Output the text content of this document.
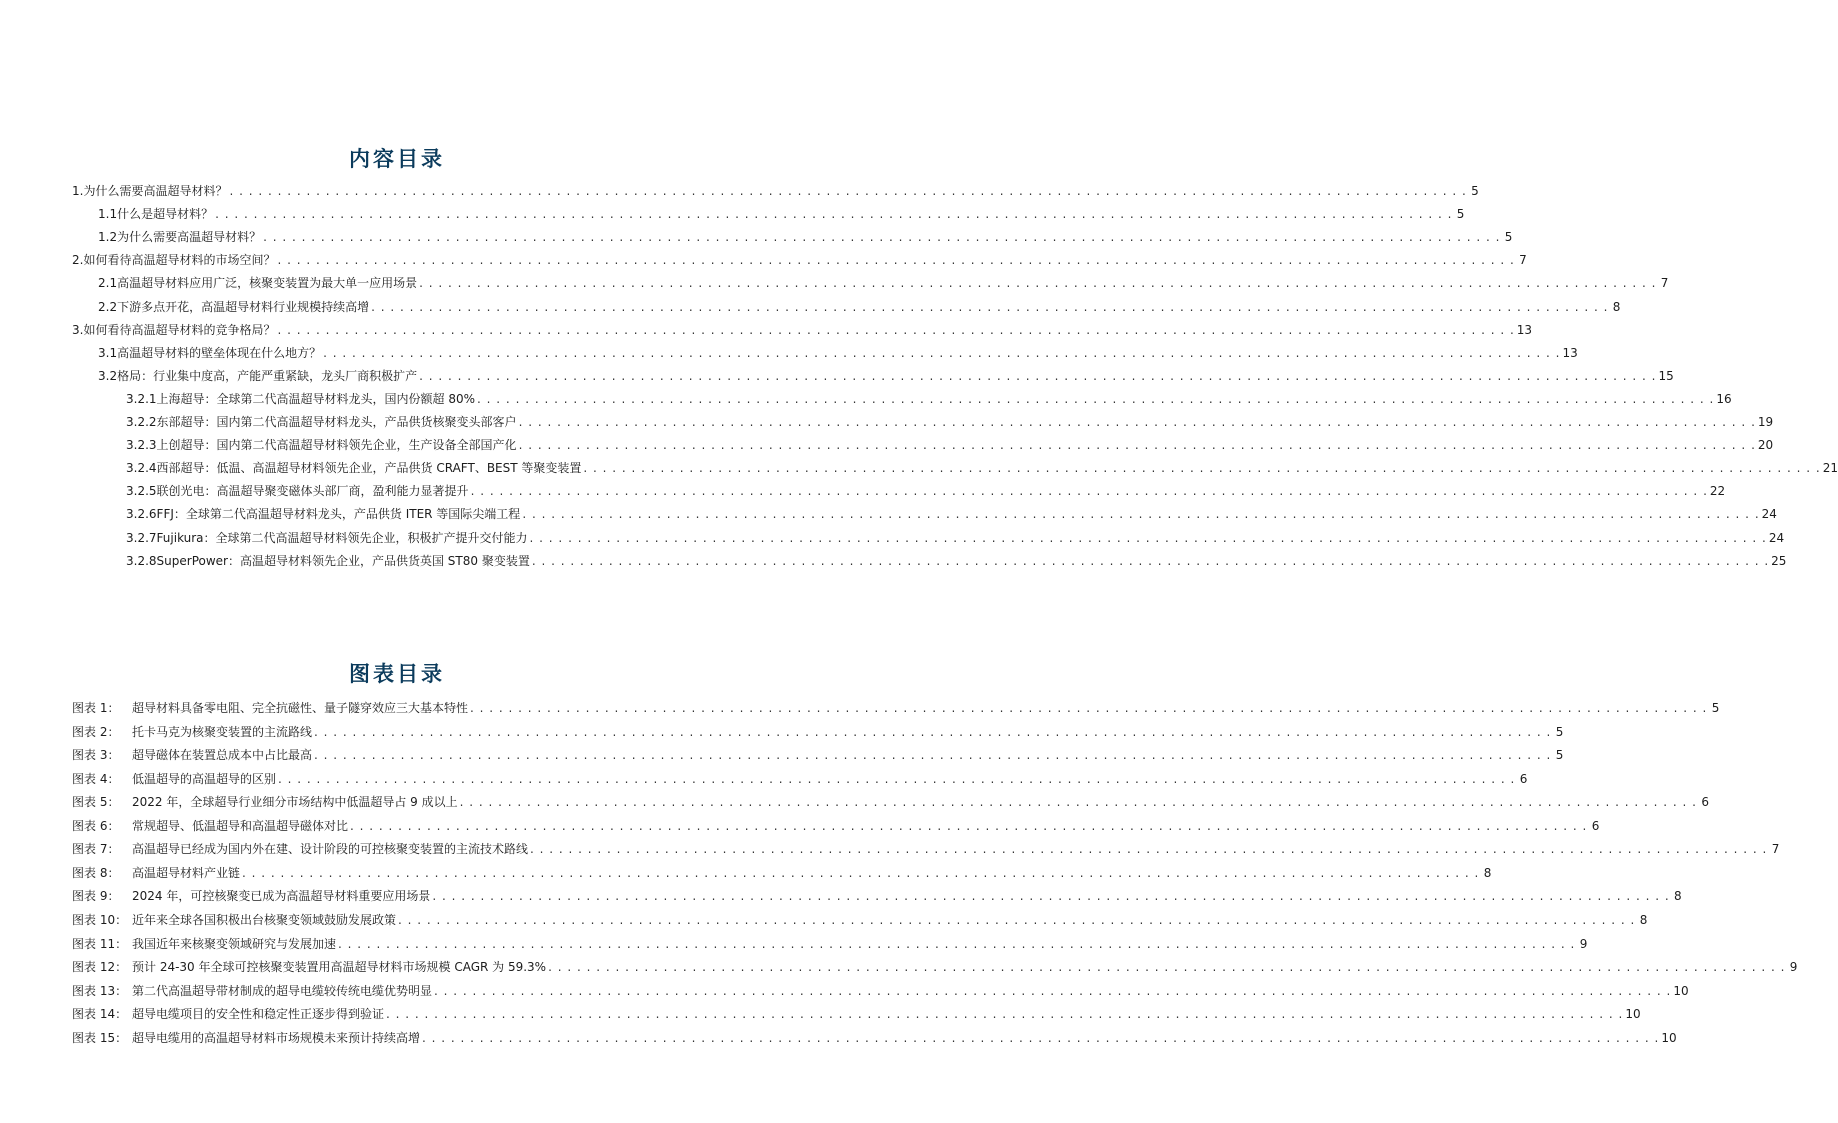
内容目录
1. 为什么需要高温超导材料？ . . .	5
1.1 什么是超导材料？ . . .	5
1.2 为什么需要高温超导材料？ . . .	5
2. 如何看待高温超导材料的市场空间？ . . .	7
2.1 高温超导材料应用广泛，核聚变装置为最大单一应用场景 . . .	7
2.2 下游多点开花，高温超导材料行业规模持续高增 . . .	8
3. 如何看待高温超导材料的竞争格局？ . . .	13
3.1 高温超导材料的壁垒体现在什么地方？ . . .	13
3.2 格局：行业集中度高，产能严重紧缺，龙头厂商积极扩产 . . .	15
3.2.1 上海超导：全球第二代高温超导材料龙头，国内份额超 80% . . .	16
3.2.2 东部超导：国内第二代高温超导材料龙头，产品供货核聚变头部客户 . . .	19
3.2.3 上创超导：国内第二代高温超导材料领先企业，生产设备全部国产化 . . .	20
3.2.4 西部超导：低温、高温超导材料领先企业，产品供货 CRAFT、BEST 等聚变装置 . . .	21
3.2.5 联创光电：高温超导聚变磁体头部厂商，盈利能力显著提升 . . .	22
3.2.6 FFJ：全球第二代高温超导材料龙头，产品供货 ITER 等国际尖端工程 . . .	24
3.2.7 Fujikura：全球第二代高温超导材料领先企业，积极扩产提升交付能力 . . .	24
3.2.8 SuperPower：高温超导材料领先企业，产品供货英国 ST80 聚变装置 . . .	25
图表目录
图表 1：	超导材料具备零电阻、完全抗磁性、量子隧穿效应三大基本特性 . . .	5
图表 2：	托卡马克为核聚变装置的主流路线 . . .	5
图表 3：	超导磁体在装置总成本中占比最高 . . .	5
图表 4：	低温超导的高温超导的区别 . . .	6
图表 5：	2022 年，全球超导行业细分市场结构中低温超导占 9 成以上 . . .	6
图表 6：	常规超导、低温超导和高温超导磁体对比 . . .	6
图表 7：	高温超导已经成为国内外在建、设计阶段的可控核聚变装置的主流技术路线 . . .	7
图表 8：	高温超导材料产业链 . . .	8
图表 9：	2024 年，可控核聚变已成为高温超导材料重要应用场景 . . .	8
图表 10： 近年来全球各国积极出台核聚变领域鼓励发展政策 . . .	8
图表 11： 我国近年来核聚变领域研究与发展加速 . . .	9
图表 12： 预计 24-30 年全球可控核聚变装置用高温超导材料市场规模 CAGR 为 59.3% . . .	9
图表 13： 第二代高温超导带材制成的超导电缆较传统电缆优势明显 . . .	10
图表 14： 超导电缆项目的安全性和稳定性正逐步得到验证 . . .	10
图表 15： 超导电缆用的高温超导材料市场规模未来预计持续高增 . . .	10
